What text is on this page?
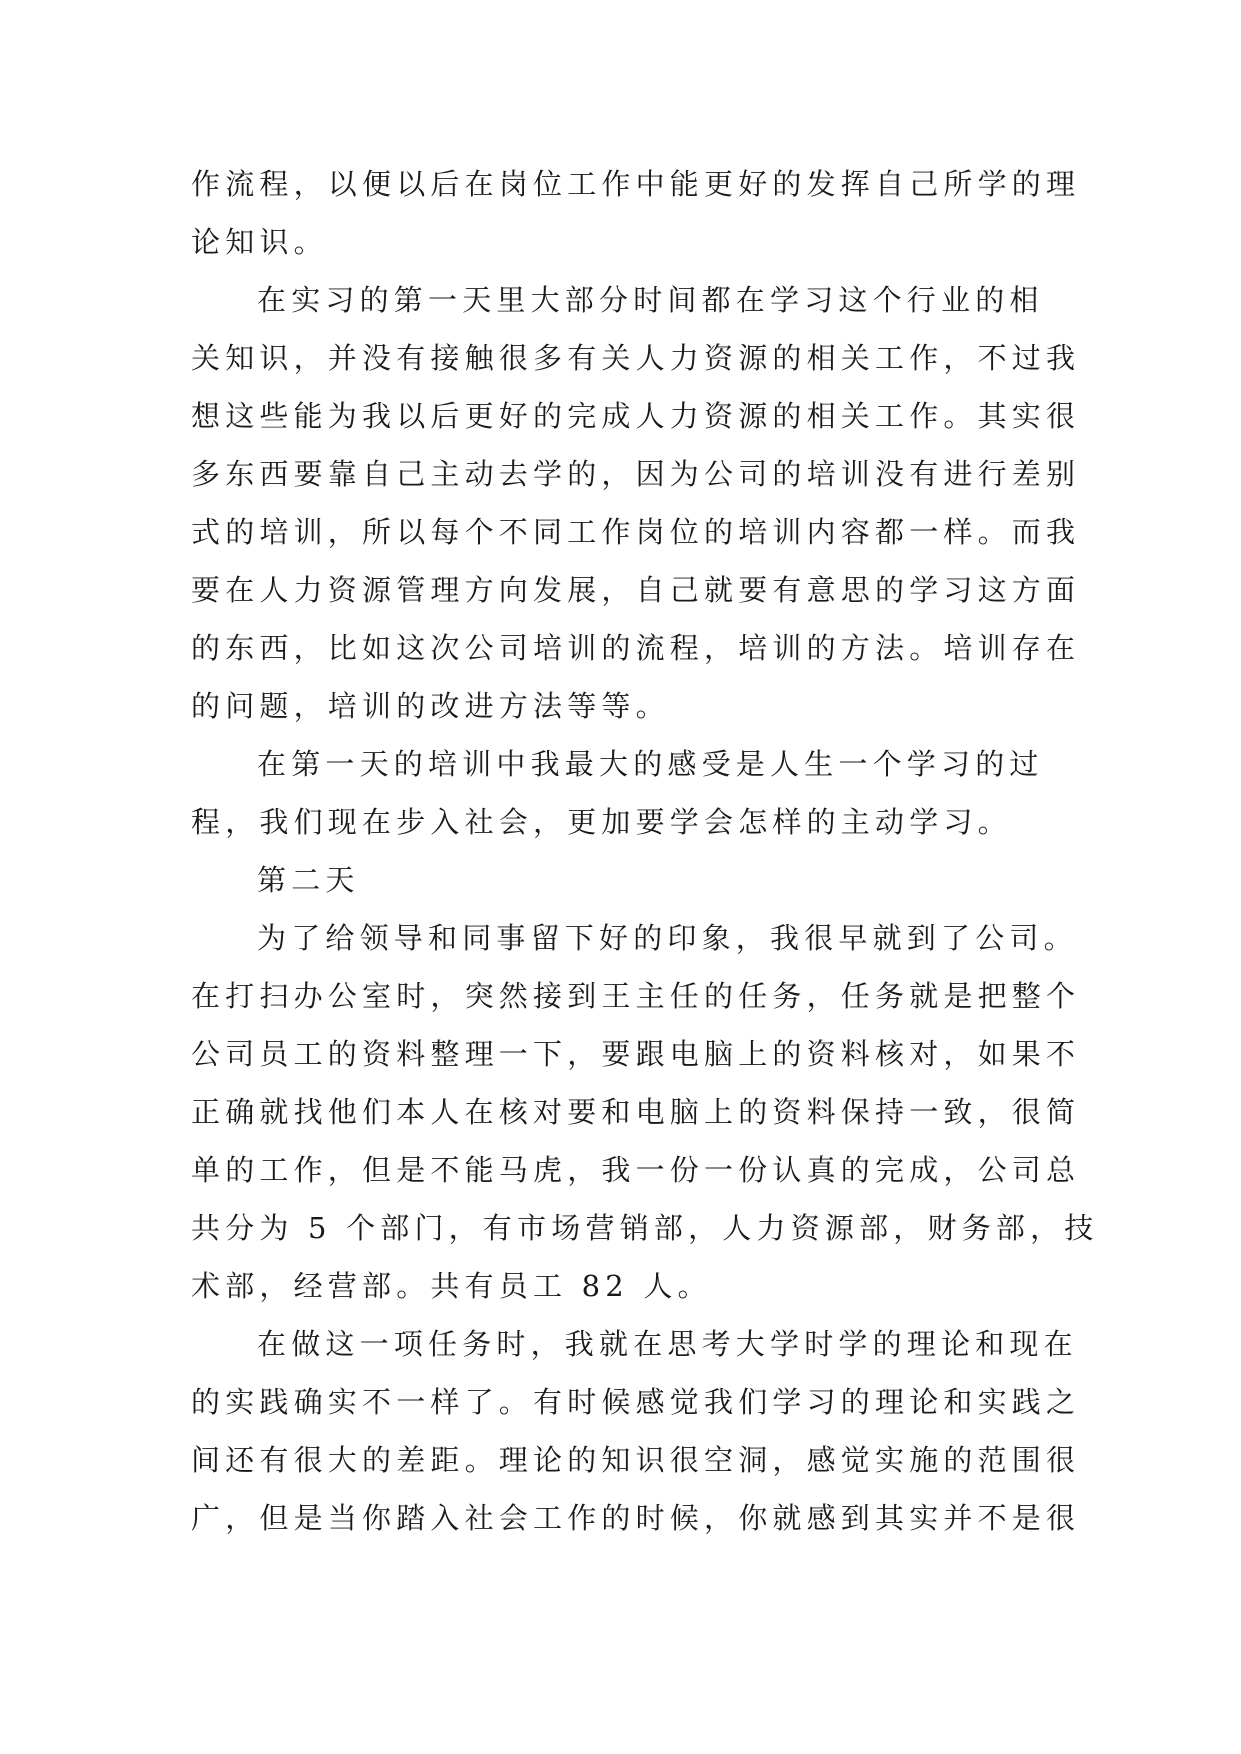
作流程，以便以后在岗位工作中能更好的发挥自己所学的理
论知识。
在实习的第一天里大部分时间都在学习这个行业的相
关知识，并没有接触很多有关人力资源的相关工作，不过我
想这些能为我以后更好的完成人力资源的相关工作。其实很
多东西要靠自己主动去学的，因为公司的培训没有进行差别
式的培训，所以每个不同工作岗位的培训内容都一样。而我
要在人力资源管理方向发展，自己就要有意思的学习这方面
的东西，比如这次公司培训的流程，培训的方法。培训存在
的问题，培训的改进方法等等。
在第一天的培训中我最大的感受是人生一个学习的过
程，我们现在步入社会，更加要学会怎样的主动学习。
第二天
为了给领导和同事留下好的印象，我很早就到了公司。
在打扫办公室时，突然接到王主任的任务，任务就是把整个
公司员工的资料整理一下，要跟电脑上的资料核对，如果不
正确就找他们本人在核对要和电脑上的资料保持一致，很简
单的工作，但是不能马虎，我一份一份认真的完成，公司总
共分为 5 个部门，有市场营销部，人力资源部，财务部，技
术部，经营部。共有员工 82 人。
在做这一项任务时，我就在思考大学时学的理论和现在
的实践确实不一样了。有时候感觉我们学习的理论和实践之
间还有很大的差距。理论的知识很空洞，感觉实施的范围很
广，但是当你踏入社会工作的时候，你就感到其实并不是很
